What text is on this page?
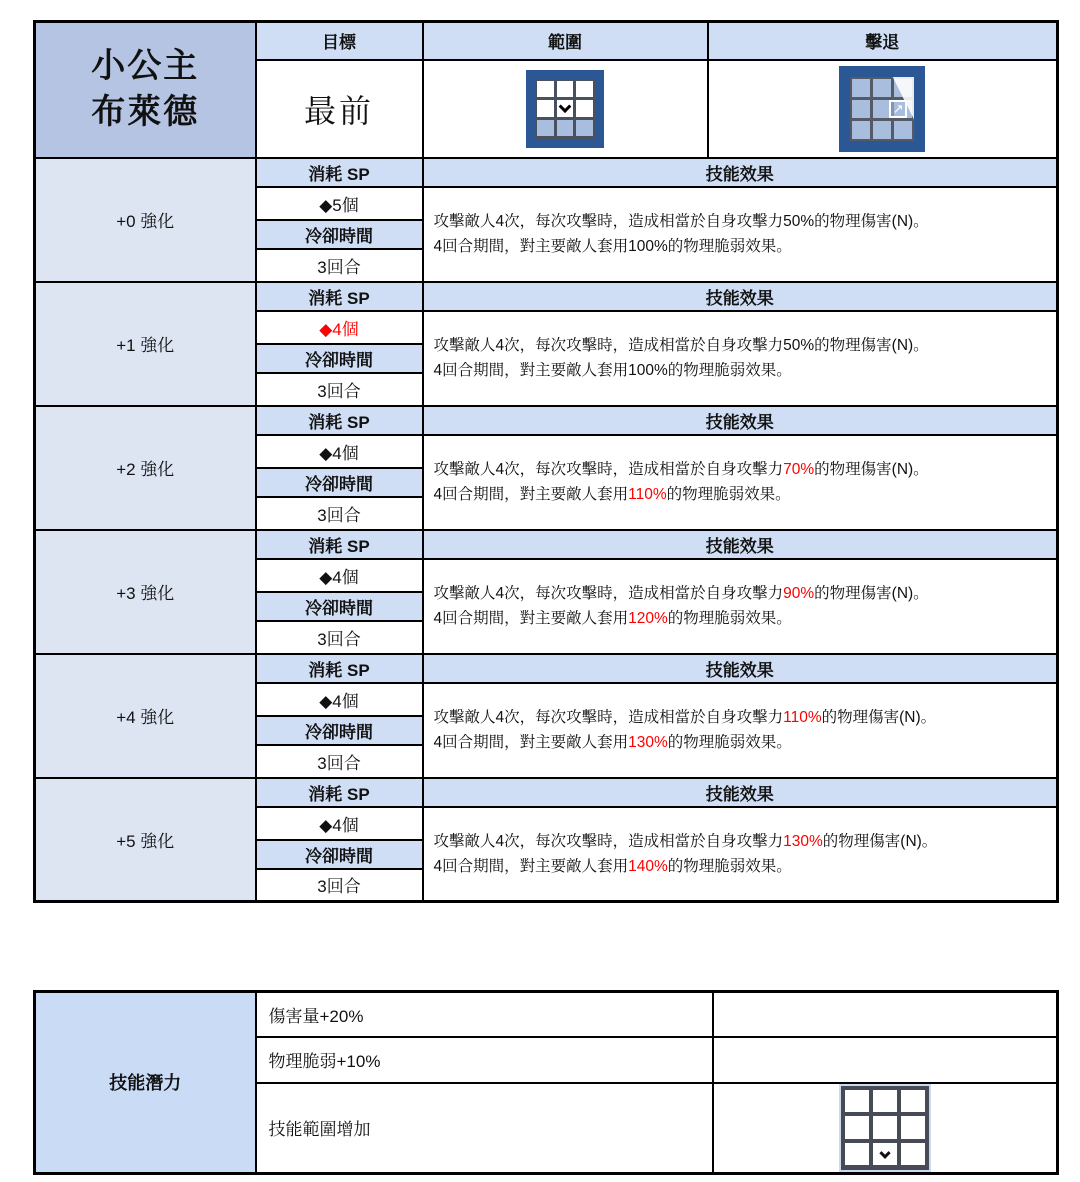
小公主
布萊德	目標	範圍	擊退
	最前		↗

+0 強化	消耗 SP	技能效果	
	◆5個	攻擊敵人4次，每次攻擊時，造成相當於自身攻擊力50%的物理傷害(N)。
4回合期間，對主要敵人套用100%的物理脆弱效果。	
	冷卻時間		
	3回合		
+1 強化	消耗 SP	技能效果	
	◆4個	攻擊敵人4次，每次攻擊時，造成相當於自身攻擊力50%的物理傷害(N)。
4回合期間，對主要敵人套用100%的物理脆弱效果。	
	冷卻時間		
	3回合		
+2 強化	消耗 SP	技能效果	
	◆4個	攻擊敵人4次，每次攻擊時，造成相當於自身攻擊力70%的物理傷害(N)。
4回合期間，對主要敵人套用110%的物理脆弱效果。	
	冷卻時間		
	3回合		
+3 強化	消耗 SP	技能效果	
	◆4個	攻擊敵人4次，每次攻擊時，造成相當於自身攻擊力90%的物理傷害(N)。
4回合期間，對主要敵人套用120%的物理脆弱效果。	
	冷卻時間		
	3回合		
+4 強化	消耗 SP	技能效果	
	◆4個	攻擊敵人4次，每次攻擊時，造成相當於自身攻擊力110%的物理傷害(N)。
4回合期間，對主要敵人套用130%的物理脆弱效果。	
	冷卻時間		
	3回合		
+5 強化	消耗 SP	技能效果	
	◆4個	攻擊敵人4次，每次攻擊時，造成相當於自身攻擊力130%的物理傷害(N)。
4回合期間，對主要敵人套用140%的物理脆弱效果。	
	冷卻時間		
	3回合		
技能潛力	傷害量+20%	
	物理脆弱+10%	
	技能範圍增加	
